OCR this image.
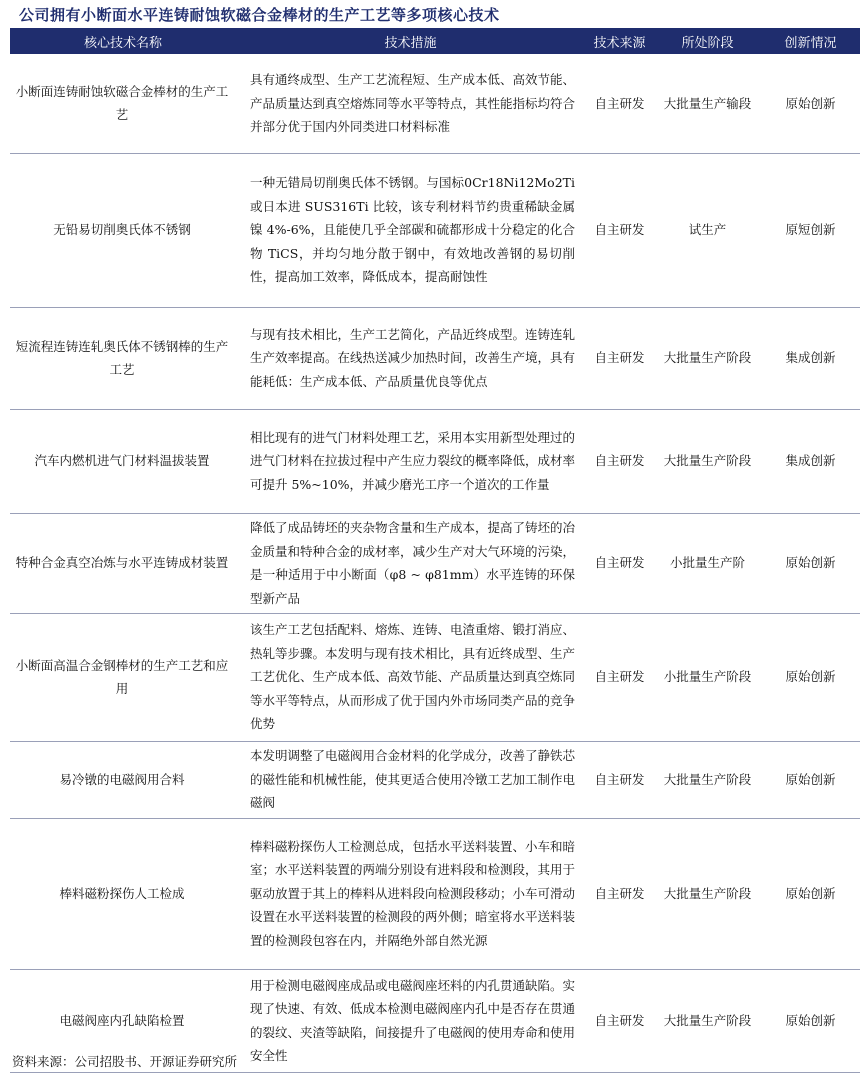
公司拥有小断面水平连铸耐蚀软磁合金棒材的生产工艺等多项核心技术
核心技术名称	技术措施	技术来源	所处阶段	创新情况
小断面连铸耐蚀软磁合金棒材的生产工艺	具有通终成型、生产工艺流程短、生产成本低、高效节能、产品质量达到真空熔炼同等水平等特点，其性能指标均符合并部分优于国内外同类进口材料标准	自主研发	大批量生产输段	原始创新
无铅易切削奥氏体不锈钢	一种无错局切削奥氏体不锈钢。与国标0Cr18Ni12Mo2Ti 或日本进 SUS316Ti 比较，该专利材料节约贵重稀缺金属镍 4%-6%，且能使几乎全部碳和硫都形成十分稳定的化合物 TiCS，并均匀地分散于钢中，有效地改善钢的易切削性，提高加工效率，降低成本，提高耐蚀性	自主研发	试生产	原短创新
短流程连铸连轧奥氏体不锈钢棒的生产工艺	与现有技术相比，生产工艺简化，产品近终成型。连铸连轧生产效率提高。在线热送减少加热时间，改善生产境，具有能耗低：生产成本低、产品质量优良等优点	自主研发	大批量生产阶段	集成创新
汽车内燃机进气门材料温拔装置	相比现有的进气门材料处理工艺，采用本实用新型处理过的进气门材料在拉拔过程中产生应力裂纹的概率降低，成材率可提升 5%~10%，并减少磨光工序一个道次的工作量	自主研发	大批量生产阶段	集成创新
特种合金真空冶炼与水平连铸成材装置	降低了成品铸坯的夹杂物含量和生产成本，提高了铸坯的冶金质量和特种合金的成材率，减少生产对大气环境的污染，是一种适用于中小断面（φ8 ~ φ81mm）水平连铸的环保型新产品	自主研发	小批量生产阶	原始创新
小断面高温合金钢棒材的生产工艺和应用	该生产工艺包括配料、熔炼、连铸、电渣重熔、锻打消应、热轧等步骤。本发明与现有技术相比，具有近终成型、生产工艺优化、生产成本低、高效节能、产品质量达到真空炼同等水平等特点，从而形成了优于国内外市场同类产品的竞争优势	自主研发	小批量生产阶段	原始创新
易冷镦的电磁阀用合料	本发明调整了电磁阀用合金材料的化学成分，改善了静铁芯的磁性能和机械性能，使其更适合使用冷镦工艺加工制作电磁阀	自主研发	大批量生产阶段	原始创新
棒料磁粉探伤人工检成	棒料磁粉探伤人工检测总成，包括水平送料装置、小车和暗室；水平送料装置的两端分别设有进料段和检测段，其用于驱动放置于其上的棒料从进料段向检测段移动；小车可滑动设置在水平送料装置的检测段的两外侧；暗室将水平送料装置的检测段包容在内，并隔绝外部自然光源	自主研发	大批量生产阶段	原始创新
电磁阀座内孔缺陷检置	用于检测电磁阀座成品或电磁阀座坯料的内孔贯通缺陷。实现了快速、有效、低成本检测电磁阀座内孔中是否存在贯通的裂纹、夹渣等缺陷，间接提升了电磁阀的使用寿命和使用安全性	自主研发	大批量生产阶段	原始创新
资料来源：公司招股书、开源证券研究所
